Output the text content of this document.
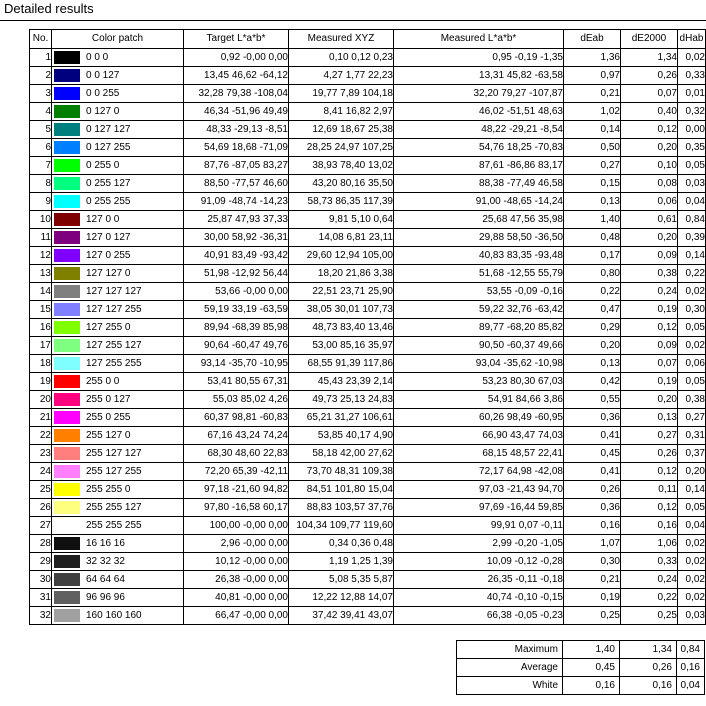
Detailed results
No.	Color patch	Target L*a*b*	Measured XYZ	Measured L*a*b*	dEab	dE2000	dHab
1	0 0 0	0,92 -0,00 0,00	0,10 0,12 0,23	0,95 -0,19 -1,35	1,36	1,34	0,02
2	0 0 127	13,45 46,62 -64,12	4,27 1,77 22,23	13,31 45,82 -63,58	0,97	0,26	0,33
3	0 0 255	32,28 79,38 -108,04	19,77 7,89 104,18	32,20 79,27 -107,87	0,21	0,07	0,01
4	0 127 0	46,34 -51,96 49,49	8,41 16,82 2,97	46,02 -51,51 48,63	1,02	0,40	0,32
5	0 127 127	48,33 -29,13 -8,51	12,69 18,67 25,38	48,22 -29,21 -8,54	0,14	0,12	0,00
6	0 127 255	54,69 18,68 -71,09	28,25 24,97 107,25	54,76 18,25 -70,83	0,50	0,20	0,35
7	0 255 0	87,76 -87,05 83,27	38,93 78,40 13,02	87,61 -86,86 83,17	0,27	0,10	0,05
8	0 255 127	88,50 -77,57 46,60	43,20 80,16 35,50	88,38 -77,49 46,58	0,15	0,08	0,03
9	0 255 255	91,09 -48,74 -14,23	58,73 86,35 117,39	91,00 -48,65 -14,24	0,13	0,06	0,04
10	127 0 0	25,87 47,93 37,33	9,81 5,10 0,64	25,68 47,56 35,98	1,40	0,61	0,84
11	127 0 127	30,00 58,92 -36,31	14,08 6,81 23,11	29,88 58,50 -36,50	0,48	0,20	0,39
12	127 0 255	40,91 83,49 -93,42	29,60 12,94 105,00	40,83 83,35 -93,48	0,17	0,09	0,14
13	127 127 0	51,98 -12,92 56,44	18,20 21,86 3,38	51,68 -12,55 55,79	0,80	0,38	0,22
14	127 127 127	53,66 -0,00 0,00	22,51 23,71 25,90	53,55 -0,09 -0,16	0,22	0,24	0,02
15	127 127 255	59,19 33,19 -63,59	38,05 30,01 107,73	59,22 32,76 -63,42	0,47	0,19	0,30
16	127 255 0	89,94 -68,39 85,98	48,73 83,40 13,46	89,77 -68,20 85,82	0,29	0,12	0,05
17	127 255 127	90,64 -60,47 49,76	53,00 85,16 35,97	90,50 -60,37 49,66	0,20	0,09	0,02
18	127 255 255	93,14 -35,70 -10,95	68,55 91,39 117,86	93,04 -35,62 -10,98	0,13	0,07	0,06
19	255 0 0	53,41 80,55 67,31	45,43 23,39 2,14	53,23 80,30 67,03	0,42	0,19	0,05
20	255 0 127	55,03 85,02 4,26	49,73 25,13 24,83	54,91 84,66 3,86	0,55	0,20	0,38
21	255 0 255	60,37 98,81 -60,83	65,21 31,27 106,61	60,26 98,49 -60,95	0,36	0,13	0,27
22	255 127 0	67,16 43,24 74,24	53,85 40,17 4,90	66,90 43,47 74,03	0,41	0,27	0,31
23	255 127 127	68,30 48,60 22,83	58,18 42,00 27,62	68,15 48,57 22,41	0,45	0,26	0,37
24	255 127 255	72,20 65,39 -42,11	73,70 48,31 109,38	72,17 64,98 -42,08	0,41	0,12	0,20
25	255 255 0	97,18 -21,60 94,82	84,51 101,80 15,04	97,03 -21,43 94,70	0,26	0,11	0,14
26	255 255 127	97,80 -16,58 60,17	88,83 103,57 37,76	97,69 -16,44 59,85	0,36	0,12	0,05
27	255 255 255	100,00 -0,00 0,00	104,34 109,77 119,60	99,91 0,07 -0,11	0,16	0,16	0,04
28	16 16 16	2,96 -0,00 0,00	0,34 0,36 0,48	2,99 -0,20 -1,05	1,07	1,06	0,02
29	32 32 32	10,12 -0,00 0,00	1,19 1,25 1,39	10,09 -0,12 -0,28	0,30	0,33	0,02
30	64 64 64	26,38 -0,00 0,00	5,08 5,35 5,87	26,35 -0,11 -0,18	0,21	0,24	0,02
31	96 96 96	40,81 -0,00 0,00	12,22 12,88 14,07	40,74 -0,10 -0,15	0,19	0,22	0,02
32	160 160 160	66,47 -0,00 0,00	37,42 39,41 43,07	66,38 -0,05 -0,23	0,25	0,25	0,03
Maximum	1,40	1,34	0,84
Average	0,45	0,26	0,16
White	0,16	0,16	0,04
